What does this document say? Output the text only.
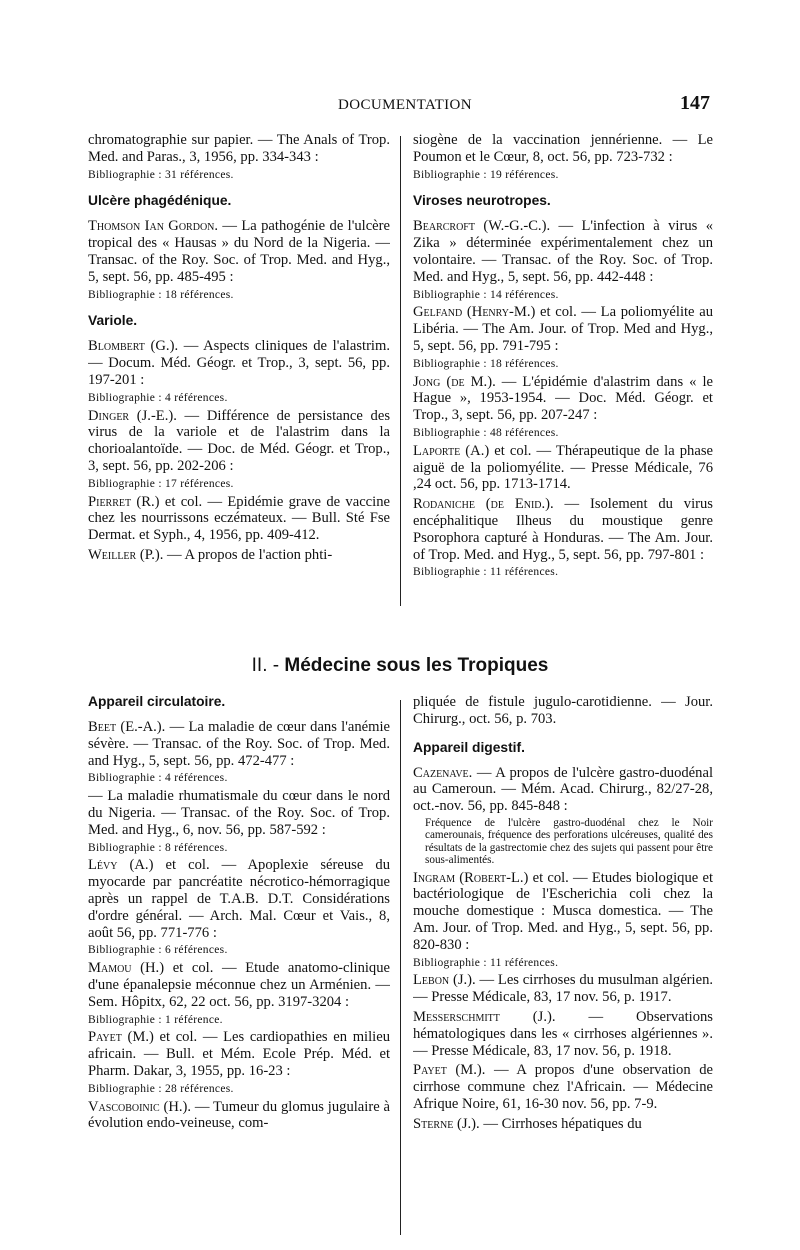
DOCUMENTATION	147

chromatographie sur papier. — The Anals of Trop. Med. and Paras., 3, 1956, pp. 334-343 :

Bibliographie : 31 références.

Ulcère phagédénique.

Thomson Ian Gordon. — La pathogénie de l'ulcère tropical des « Hausas » du Nord de la Nigeria. — Transac. of the Roy. Soc. of Trop. Med. and Hyg., 5, sept. 56, pp. 485-495 :

Bibliographie : 18 références.

Variole.

Blombert (G.). — Aspects cliniques de l'alastrim. — Docum. Méd. Géogr. et Trop., 3, sept. 56, pp. 197-201 :

Bibliographie : 4 références.

Dinger (J.-E.). — Différence de persistance des virus de la variole et de l'alastrim dans la chorioalantoïde. — Doc. de Méd. Géogr. et Trop., 3, sept. 56, pp. 202-206 :

Bibliographie : 17 références.

Pierret (R.) et col. — Epidémie grave de vaccine chez les nourrissons eczémateux. — Bull. Sté Fse Dermat. et Syph., 4, 1956, pp. 409-412.

Weiller (P.). — A propos de l'action phti-

siogène de la vaccination jennérienne. — Le Poumon et le Cœur, 8, oct. 56, pp. 723-732 :

Bibliographie : 19 références.

Viroses neurotropes.

Bearcroft (W.-G.-C.). — L'infection à virus « Zika » déterminée expérimentalement chez un volontaire. — Transac. of the Roy. Soc. of Trop. Med. and Hyg., 5, sept. 56, pp. 442-448 :

Bibliographie : 14 références.

Gelfand (Henry-M.) et col. — La poliomyélite au Libéria. — The Am. Jour. of Trop. Med and Hyg., 5, sept. 56, pp. 791-795 :

Bibliographie : 18 références.

Jong (de M.). — L'épidémie d'alastrim dans « le Hague », 1953-1954. — Doc. Méd. Géogr. et Trop., 3, sept. 56, pp. 207-247 :

Bibliographie : 48 références.

Laporte (A.) et col. — Thérapeutique de la phase aiguë de la poliomyélite. — Presse Médicale, 76 ,24 oct. 56, pp. 1713-1714.

Rodaniche (de Enid.). — Isolement du virus encéphalitique Ilheus du moustique genre Psorophora capturé à Honduras. — The Am. Jour. of Trop. Med. and Hyg., 5, sept. 56, pp. 797-801 :

Bibliographie : 11 références.

II. - Médecine sous les Tropiques

Appareil circulatoire.

Beet (E.-A.). — La maladie de cœur dans l'anémie sévère. — Transac. of the Roy. Soc. of Trop. Med. and Hyg., 5, sept. 56, pp. 472-477 :

Bibliographie : 4 références.

— La maladie rhumatismale du cœur dans le nord du Nigeria. — Transac. of the Roy. Soc. of Trop. Med. and Hyg., 6, nov. 56, pp. 587-592 :

Bibliographie : 8 références.

Lévy (A.) et col. — Apoplexie séreuse du myocarde par pancréatite nécrotico-hémorragique après un rappel de T.A.B. D.T. Considérations d'ordre général. — Arch. Mal. Cœur et Vais., 8, août 56, pp. 771-776 :

Bibliographie : 6 références.

Mamou (H.) et col. — Etude anatomo-clinique d'une épanalepsie méconnue chez un Arménien. — Sem. Hôpitx, 62, 22 oct. 56, pp. 3197-3204 :

Bibliographie : 1 référence.

Payet (M.) et col. — Les cardiopathies en milieu africain. — Bull. et Mém. Ecole Prép. Méd. et Pharm. Dakar, 3, 1955, pp. 16-23 :

Bibliographie : 28 références.

Vascoboinic (H.). — Tumeur du glomus jugulaire à évolution endo-veineuse, com-

pliquée de fistule jugulo-carotidienne. — Jour. Chirurg., oct. 56, p. 703.

Appareil digestif.

Cazenave. — A propos de l'ulcère gastro-duodénal au Cameroun. — Mém. Acad. Chirurg., 82/27-28, oct.-nov. 56, pp. 845-848 :

Fréquence de l'ulcère gastro-duodénal chez le Noir camerounais, fréquence des perforations ulcéreuses, qualité des résultats de la gastrectomie chez des sujets qui passent pour être sous-alimentés.

Ingram (Robert-L.) et col. — Etudes biologique et bactériologique de l'Escherichia coli chez la mouche domestique : Musca domestica. — The Am. Jour. of Trop. Med. and Hyg., 5, sept. 56, pp. 820-830 :

Bibliographie : 11 références.

Lebon (J.). — Les cirrhoses du musulman algérien. — Presse Médicale, 83, 17 nov. 56, p. 1917.

Messerschmitt (J.). — Observations hématologiques dans les « cirrhoses algériennes ». — Presse Médicale, 83, 17 nov. 56, p. 1918.

Payet (M.). — A propos d'une observation de cirrhose commune chez l'Africain. — Médecine Afrique Noire, 61, 16-30 nov. 56, pp. 7-9.

Sterne (J.). — Cirrhoses hépatiques du
